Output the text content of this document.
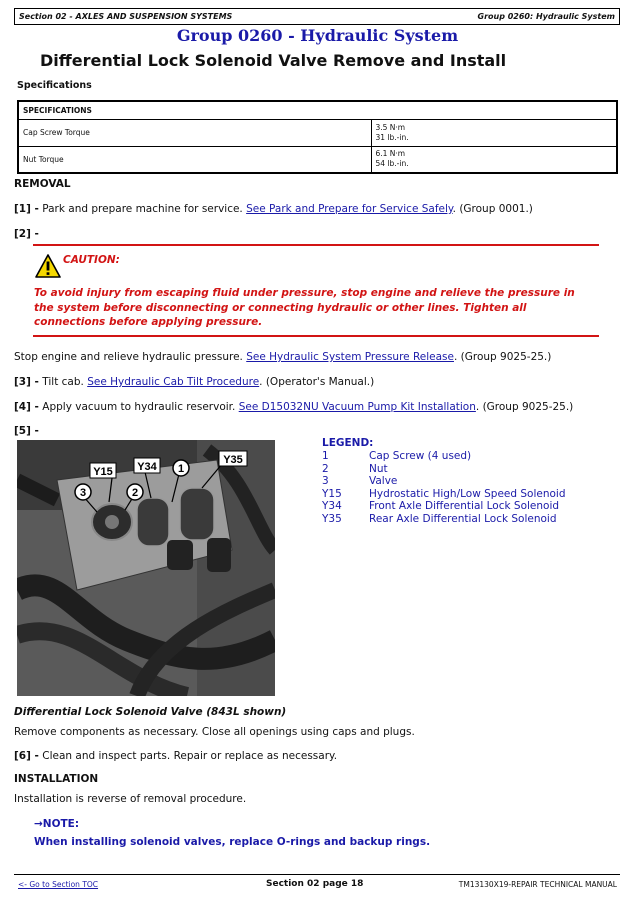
Section 02 - AXLES AND SUSPENSION SYSTEMS	Group 0260: Hydraulic System
Group 0260 - Hydraulic System
Differential Lock Solenoid Valve Remove and Install
Specifications
SPECIFICATIONS	
Cap Screw Torque	3.5 N·m
31 lb.-in.

Nut Torque	6.1 N·m
54 lb.-in.
REMOVAL
[1] - Park and prepare machine for service. See Park and Prepare for Service Safely. (Group 0001.)
[2] -
CAUTION:
To avoid injury from escaping fluid under pressure, stop engine and relieve the pressure in the system before disconnecting or connecting hydraulic or other lines. Tighten all connections before applying pressure.
Stop engine and relieve hydraulic pressure. See Hydraulic System Pressure Release. (Group 9025-25.)
[3] - Tilt cab. See Hydraulic Cab Tilt Procedure. (Operator's Manual.)
[4] - Apply vacuum to hydraulic reservoir. See D15032NU Vacuum Pump Kit Installation. (Group 9025-25.)
[5] -
Y15 Y34
Y35
1
2
3
LEGEND:
1	Cap Screw (4 used)
2	Nut
3	Valve
Y15	Hydrostatic High/Low Speed Solenoid
Y34	Front Axle Differential Lock Solenoid
Y35	Rear Axle Differential Lock Solenoid
Differential Lock Solenoid Valve (843L shown)
Remove components as necessary. Close all openings using caps and plugs.
[6] - Clean and inspect parts. Repair or replace as necessary.
INSTALLATION
Installation is reverse of removal procedure.
→NOTE:
When installing solenoid valves, replace O-rings and backup rings.
<- Go to Section TOC	Section 02 page 18	TM13130X19-REPAIR TECHNICAL MANUAL
